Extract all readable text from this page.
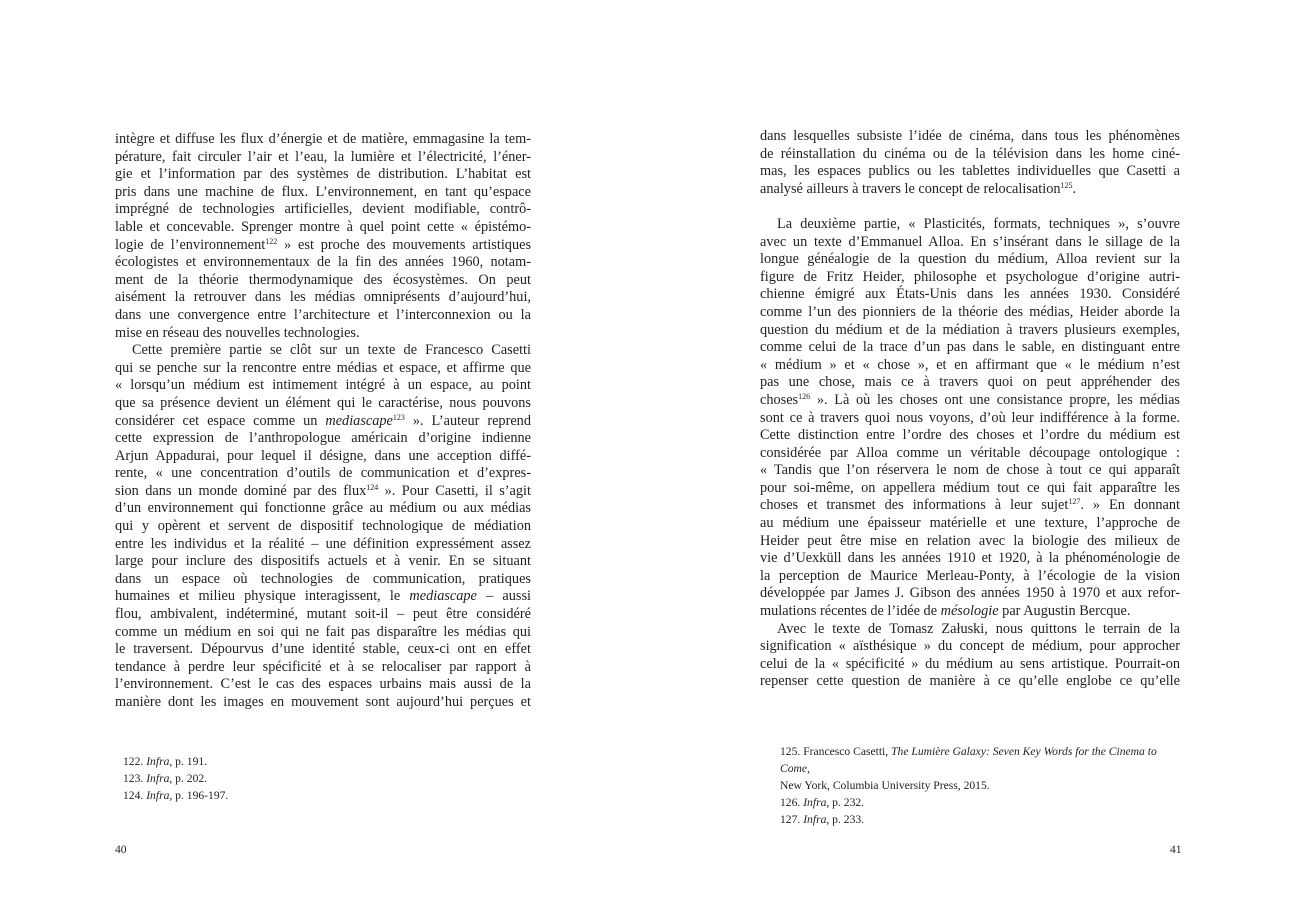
intègre et diffuse les flux d’énergie et de matière, emmagasine la tem-
pérature, fait circuler l’air et l’eau, la lumière et l’électricité, l’éner-
gie et l’information par des systèmes de distribution. L’habitat est
pris dans une machine de flux. L’environnement, en tant qu’espace
imprégné de technologies artificielles, devient modifiable, contrô-
lable et concevable. Sprenger montre à quel point cette « épistémo-
logie de l’environnement$^{122}$ » est proche des mouvements artistiques
écologistes et environnementaux de la fin des années 1960, notam-
ment de la théorie thermodynamique des écosystèmes. On peut
aisément la retrouver dans les médias omniprésents d’aujourd’hui,
dans une convergence entre l’architecture et l’interconnexion ou la
mise en réseau des nouvelles technologies.
Cette première partie se clôt sur un texte de Francesco Casetti
qui se penche sur la rencontre entre médias et espace, et affirme que
« lorsqu’un médium est intimement intégré à un espace, au point
que sa présence devient un élément qui le caractérise, nous pouvons
considérer cet espace comme un mediascape$^{123}$ ». L’auteur reprend
cette expression de l’anthropologue américain d’origine indienne
Arjun Appadurai, pour lequel il désigne, dans une acception diffé-
rente, « une concentration d’outils de communication et d’expres-
sion dans un monde dominé par des flux$^{124}$ ». Pour Casetti, il s’agit
d’un environnement qui fonctionne grâce au médium ou aux médias
qui y opèrent et servent de dispositif technologique de médiation
entre les individus et la réalité – une définition expressément assez
large pour inclure des dispositifs actuels et à venir. En se situant
dans un espace où technologies de communication, pratiques
humaines et milieu physique interagissent, le mediascape – aussi
flou, ambivalent, indéterminé, mutant soit-il – peut être considéré
comme un médium en soi qui ne fait pas disparaître les médias qui
le traversent. Dépourvus d’une identité stable, ceux-ci ont en effet
tendance à perdre leur spécificité et à se relocaliser par rapport à
l’environnement. C’est le cas des espaces urbains mais aussi de la
manière dont les images en mouvement sont aujourd’hui perçues et
122. Infra, p. 191.
123. Infra, p. 202.
124. Infra, p. 196-197.
40
dans lesquelles subsiste l’idée de cinéma, dans tous les phénomènes
de réinstallation du cinéma ou de la télévision dans les home ciné-
mas, les espaces publics ou les tablettes individuelles que Casetti a
analysé ailleurs à travers le concept de relocalisation$^{125}$.
La deuxième partie, « Plasticités, formats, techniques », s’ouvre
avec un texte d’Emmanuel Alloa. En s’insérant dans le sillage de la
longue généalogie de la question du médium, Alloa revient sur la
figure de Fritz Heider, philosophe et psychologue d’origine autri-
chienne émigré aux États-Unis dans les années 1930. Considéré
comme l’un des pionniers de la théorie des médias, Heider aborde la
question du médium et de la médiation à travers plusieurs exemples,
comme celui de la trace d’un pas dans le sable, en distinguant entre
« médium » et « chose », et en affirmant que « le médium n’est
pas une chose, mais ce à travers quoi on peut appréhender des
choses$^{126}$ ». Là où les choses ont une consistance propre, les médias
sont ce à travers quoi nous voyons, d’où leur indifférence à la forme.
Cette distinction entre l’ordre des choses et l’ordre du médium est
considérée par Alloa comme un véritable découpage ontologique :
« Tandis que l’on réservera le nom de chose à tout ce qui apparaît
pour soi-même, on appellera médium tout ce qui fait apparaître les
choses et transmet des informations à leur sujet$^{127}$. » En donnant
au médium une épaisseur matérielle et une texture, l’approche de
Heider peut être mise en relation avec la biologie des milieux de
vie d’Uexküll dans les années 1910 et 1920, à la phénoménologie de
la perception de Maurice Merleau-Ponty, à l’écologie de la vision
développée par James J. Gibson des années 1950 à 1970 et aux refor-
mulations récentes de l’idée de mésologie par Augustin Bercque.
Avec le texte de Tomasz Załuski, nous quittons le terrain de la
signification « aïsthésique » du concept de médium, pour approcher
celui de la « spécificité » du médium au sens artistique. Pourrait-on
repenser cette question de manière à ce qu’elle englobe ce qu’elle
125. Francesco Casetti, The Lumière Galaxy: Seven Key Words for the Cinema to Come,
New York, Columbia University Press, 2015.
126. Infra, p. 232.
127. Infra, p. 233.
41
